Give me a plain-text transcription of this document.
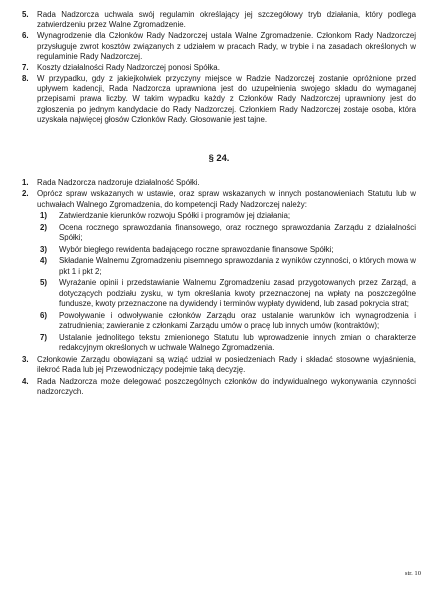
5. Rada Nadzorcza uchwala swój regulamin określający jej szczegółowy tryb działania, który podlega zatwierdzeniu przez Walne Zgromadzenie.
6. Wynagrodzenie dla Członków Rady Nadzorczej ustala Walne Zgromadzenie. Członkom Rady Nadzorczej przysługuje zwrot kosztów związanych z udziałem w pracach Rady, w trybie i na zasadach określonych w regulaminie Rady Nadzorczej.
7. Koszty działalności Rady Nadzorczej ponosi Spółka.
8. W przypadku, gdy z jakiejkolwiek przyczyny miejsce w Radzie Nadzorczej zostanie opróżnione przed upływem kadencji, Rada Nadzorcza uprawniona jest do uzupełnienia swojego składu do wymaganej przepisami prawa liczby. W takim wypadku każdy z Członków Rady Nadzorczej uprawniony jest do zgłoszenia po jednym kandydacie do Rady Nadzorczej. Członkiem Rady Nadzorczej zostaje osoba, która uzyskała najwięcej głosów Członków Rady. Głosowanie jest tajne.
§ 24.
1. Rada Nadzorcza nadzoruje działalność Spółki.
2. Oprócz spraw wskazanych w ustawie, oraz spraw wskazanych w innych postanowieniach Statutu lub w uchwałach Walnego Zgromadzenia, do kompetencji Rady Nadzorczej należy:
1) Zatwierdzanie kierunków rozwoju Spółki i programów jej działania;
2) Ocena rocznego sprawozdania finansowego, oraz rocznego sprawozdania Zarządu z działalności Spółki;
3) Wybór biegłego rewidenta badającego roczne sprawozdanie finansowe Spółki;
4) Składanie Walnemu Zgromadzeniu pisemnego sprawozdania z wyników czynności, o których mowa w pkt 1 i pkt 2;
5) Wyrażanie opinii i przedstawianie Walnemu Zgromadzeniu zasad przygotowanych przez Zarząd, a dotyczących podziału zysku, w tym określania kwoty przeznaczonej na wpłaty na poszczególne fundusze, kwoty przeznaczone na dywidendy i terminów wypłaty dywidend, lub zasad pokrycia strat;
6) Powoływanie i odwoływanie członków Zarządu oraz ustalanie warunków ich wynagrodzenia i zatrudnienia; zawieranie z członkami Zarządu umów o pracę lub innych umów (kontraktów);
7) Ustalanie jednolitego tekstu zmienionego Statutu lub wprowadzenie innych zmian o charakterze redakcyjnym określonych w uchwale Walnego Zgromadzenia.
3. Członkowie Zarządu obowiązani są wziąć udział w posiedzeniach Rady i składać stosowne wyjaśnienia, ilekroć Rada lub jej Przewodniczący podejmie taką decyzję.
4. Rada Nadzorcza może delegować poszczególnych członków do indywidualnego wykonywania czynności nadzorczych.
str. 10
